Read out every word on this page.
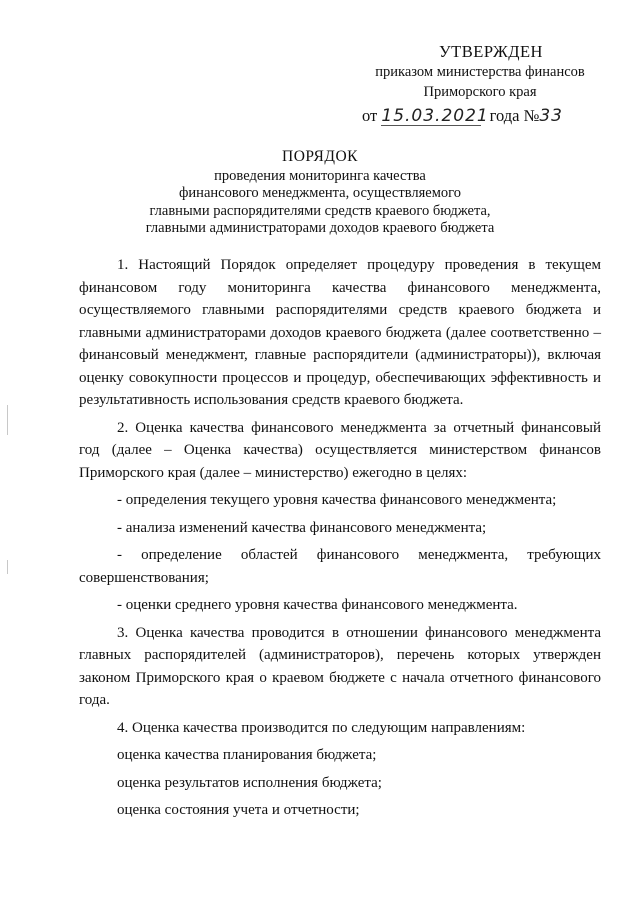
УТВЕРЖДЕН
приказом министерства финансов
Приморского края
от 15.03.2021  года №33
ПОРЯДОК
проведения мониторинга качества
финансового менеджмента, осуществляемого
главными распорядителями средств краевого бюджета,
главными администраторами доходов краевого бюджета

1. Настоящий Порядок определяет процедуру проведения в текущем финансовом году мониторинга качества финансового менеджмента, осуществляемого главными распорядителями средств краевого бюджета и главными администраторами доходов краевого бюджета (далее соответственно – финансовый менеджмент, главные распорядители (администраторы)), включая оценку совокупности процессов и процедур, обеспечивающих эффективность и результативность использования средств краевого бюджета.

2. Оценка качества финансового менеджмента за отчетный финансовый год (далее – Оценка качества) осуществляется министерством финансов Приморского края (далее – министерство) ежегодно в целях:

- определения текущего уровня качества финансового менеджмента;

- анализа изменений качества финансового менеджмента;

- определение областей финансового менеджмента, требующих совершенствования;

- оценки среднего уровня качества финансового менеджмента.

3. Оценка качества проводится в отношении финансового менеджмента главных распорядителей (администраторов), перечень которых утвержден законом Приморского края о краевом бюджете с начала отчетного финансового года.

4. Оценка качества производится по следующим направлениям:

оценка качества планирования бюджета;

оценка результатов исполнения бюджета;

оценка состояния учета и отчетности;
